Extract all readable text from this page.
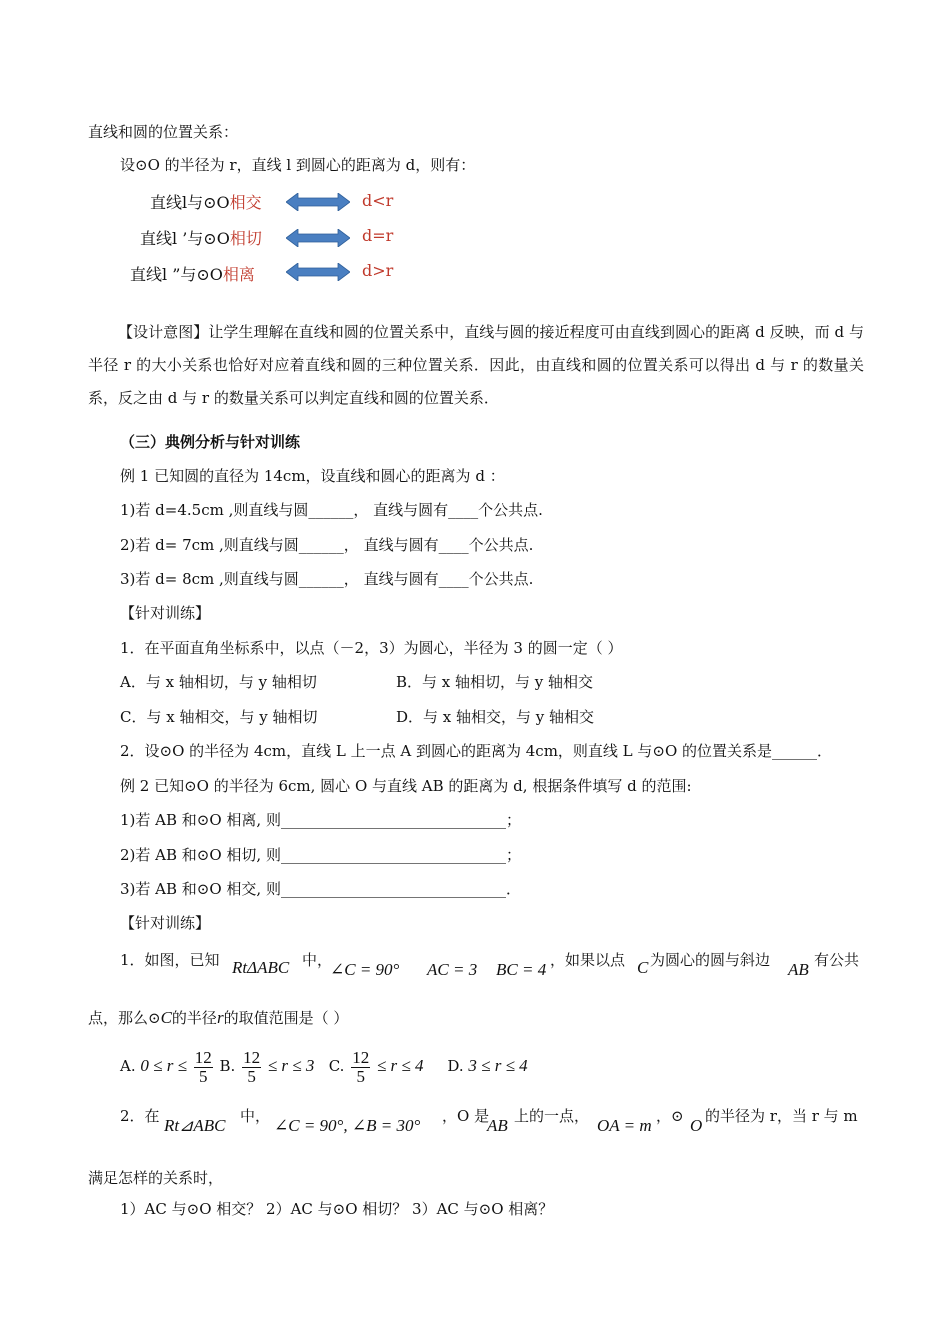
直线和圆的位置关系：
设⊙O 的半径为 r，直线 l 到圆心的距离为 d，则有：
直线l与⊙O相交	d<r
直线l ’与⊙O相切	d=r
直线l ”与⊙O相离	d>r
【设计意图】让学生理解在直线和圆的位置关系中，直线与圆的接近程度可由直线到圆心的距离 d 反映，而 d 与半径 r 的大小关系也恰好对应着直线和圆的三种位置关系．因此，由直线和圆的位置关系可以得出 d 与 r 的数量关系，反之由 d 与 r 的数量关系可以判定直线和圆的位置关系．
（三）典例分析与针对训练
例 1 已知圆的直径为 14cm，设直线和圆心的距离为 d ：
1)若 d=4.5cm ,则直线与圆______， 直线与圆有____个公共点.
2)若 d= 7cm ,则直线与圆______， 直线与圆有____个公共点.
3)若 d= 8cm ,则直线与圆______， 直线与圆有____个公共点.
【针对训练】
1．在平面直角坐标系中，以点（－2，3）为圆心，半径为 3 的圆一定（ ）
A．与 x 轴相切，与 y 轴相切	B．与 x 轴相切，与 y 轴相交
C．与 x 轴相交，与 y 轴相切	D．与 x 轴相交，与 y 轴相交
2．设⊙O 的半径为 4cm，直线 L 上一点 A 到圆心的距离为 4cm，则直线 L 与⊙O 的位置关系是______．
例 2 已知⊙O 的半径为 6cm, 圆心 O 与直线 AB 的距离为 d, 根据条件填写 d 的范围:
1)若 AB 和⊙O 相离, 则______________________________；
2)若 AB 和⊙O 相切, 则______________________________；
3)若 AB 和⊙O 相交, 则______________________________．
【针对训练】
1．如图，已知 RtΔABC 中，
∠C = 90° AC = 3 BC = 4 ，如果以点 C 为圆心的圆与斜边 AB 有公共
点，那么⊙C的半径r的取值范围是（ ）
A. $0 \le r \le \frac{12}{5} B$. $\frac{12}{5} \le r \le 3$ C. $\frac{12}{5} \le r \le 4$ D. 3 ≤ r ≤ 4
2．在 Rt⊿ABC 中， ∠C = 90°, ∠B = 30° ，O 是
AB 上的一点， OA = m ，⊙ O 的半径为 r，当 r 与 m
满足怎样的关系时，
1）AC 与⊙O 相交？ 2）AC 与⊙O 相切？ 3）AC 与⊙O 相离？
